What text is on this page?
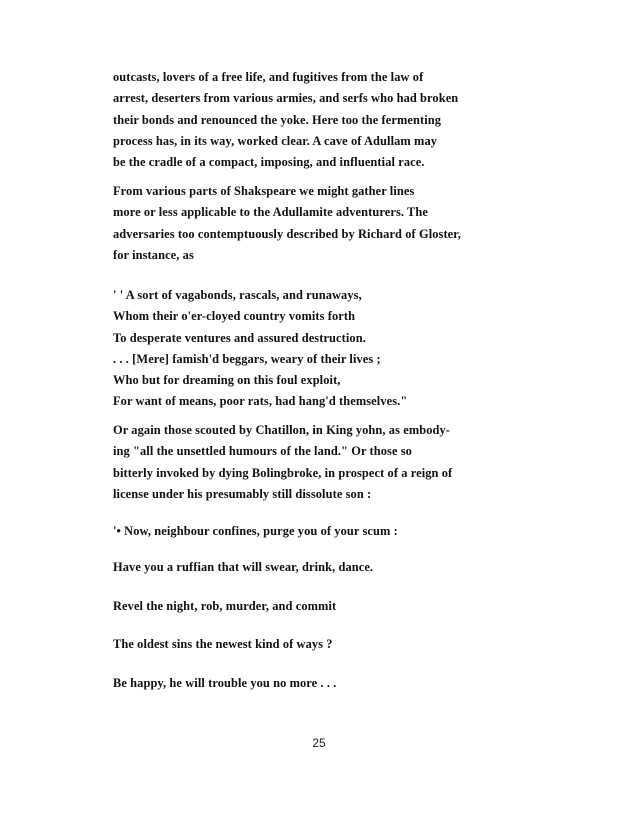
outcasts, lovers of a free life, and fugitives from the law of
arrest, deserters from various armies, and serfs who had broken
their bonds and renounced the yoke. Here too the fermenting
process has, in its way, worked clear. A cave of Adullam may
be the cradle of a compact, imposing, and influential race.
From various parts of Shakspeare we might gather lines
more or less applicable to the Adullamite adventurers. The
adversaries too contemptuously described by Richard of Gloster,
for instance, as
' ' A sort of vagabonds, rascals, and runaways,
Whom their o'er-cloyed country vomits forth
To desperate ventures and assured destruction.
. . . [Mere] famish'd beggars, weary of their lives ;
Who but for dreaming on this foul exploit,
For want of means, poor rats, had hang'd themselves."
Or again those scouted by Chatillon, in King yohn, as embody-
ing "all the unsettled humours of the land." Or those so
bitterly invoked by dying Bolingbroke, in prospect of a reign of
license under his presumably still dissolute son :
'• Now, neighbour confines, purge you of your scum :
Have you a ruffian that will swear, drink, dance.
Revel the night, rob, murder, and commit
The oldest sins the newest kind of ways ?
Be happy, he will trouble you no more . . .
25
